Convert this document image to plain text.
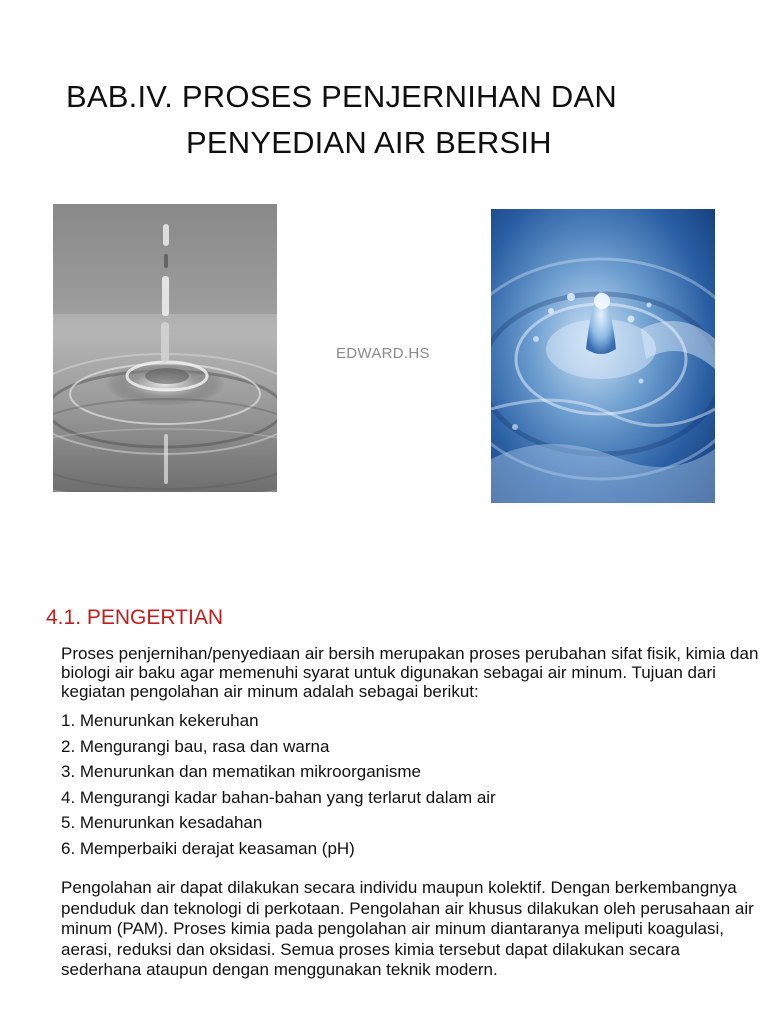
BAB.IV. PROSES PENJERNIHAN DAN
PENYEDIAN AIR BERSIH
EDWARD.HS
4.1. PENGERTIAN

Proses penjernihan/penyediaan air bersih merupakan proses perubahan sifat fisik, kimia dan biologi air baku agar memenuhi syarat untuk digunakan sebagai air minum. Tujuan dari kegiatan pengolahan air minum adalah sebagai berikut:

1. Menurunkan kekeruhan
2. Mengurangi bau, rasa dan warna
3. Menurunkan dan mematikan mikroorganisme
4. Mengurangi kadar bahan-bahan yang terlarut dalam air
5. Menurunkan kesadahan
6. Memperbaiki derajat keasaman (pH)

Pengolahan air dapat dilakukan secara individu maupun kolektif. Dengan berkembangnya penduduk dan teknologi di perkotaan. Pengolahan air khusus dilakukan oleh perusahaan air minum (PAM). Proses kimia pada pengolahan air minum diantaranya meliputi koagulasi, aerasi, reduksi dan oksidasi. Semua proses kimia tersebut dapat dilakukan secara sederhana ataupun dengan menggunakan teknik modern.
